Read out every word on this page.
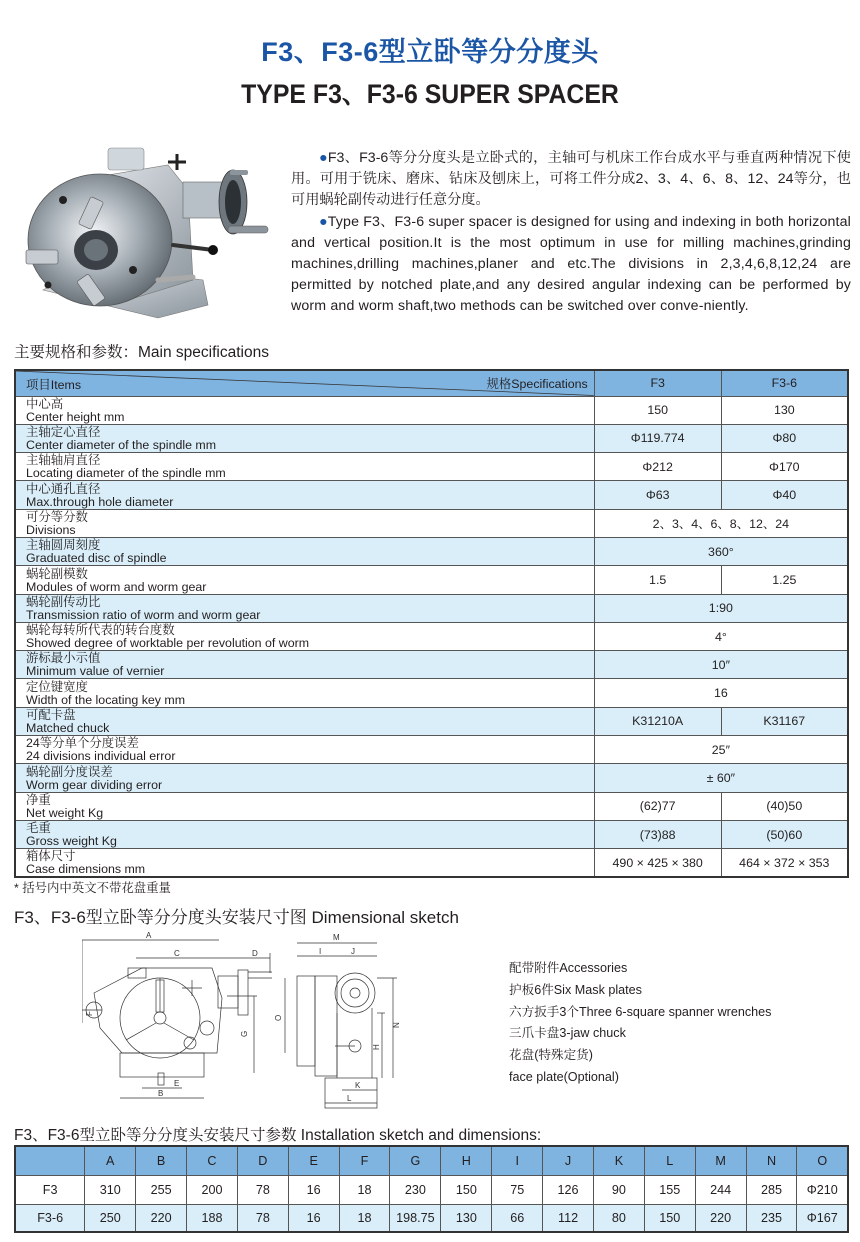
F3、F3-6型立卧等分分度头
TYPE F3、F3-6 SUPER SPACER

●F3、F3-6等分分度头是立卧式的，主轴可与机床工作台成水平与垂直两种情况下使用。可用于铣床、磨床、钻床及刨床上，可将工件分成2、3、4、6、8、12、24等分，也可用蜗轮副传动进行任意分度。

●Type F3、F3-6 super spacer is designed for using and indexing in both horizontal and vertical position.It is the most optimum in use for milling machines,grinding machines,drilling machines,planer and etc.The divisions in 2,3,4,6,8,12,24 are permitted by notched plate,and any desired angular indexing can be performed by worm and worm shaft,two methods can be switched over conve-niently.

主要规格和参数：Main specifications
项目Items 规格Specifications	F3	F3-6

中心高
Center height mm	150	130

主轴定心直径
Center diameter of the spindle mm	Φ119.774	Φ80

主轴轴肩直径
Locating diameter of the spindle mm	Φ212	Φ170

中心通孔直径
Max.through hole diameter	Φ63	Φ40

可分等分数
Divisions	2、3、4、6、8、12、24	

主轴圆周刻度
Graduated disc of spindle	360°	

蜗轮副模数
Modules of worm and worm gear	1.5	1.25

蜗轮副传动比
Transmission ratio of worm and worm gear	1:90	

蜗轮每转所代表的转台度数
Showed degree of worktable per revolution of worm	4°	

游标最小示值
Minimum value of vernier	10″	

定位键宽度
Width of the locating key mm	16	

可配卡盘
Matched chuck	K31210A	K31167

24等分单个分度误差
24 divisions individual error	25″	

蜗轮副分度误差
Worm gear dividing error	± 60″	

净重
Net weight Kg	(62)77	(40)50

毛重
Gross weight Kg	(73)88	(50)60

箱体尺寸
Case dimensions mm	490 × 425 × 380	464 × 372 × 353
* 括号内中英文不带花盘重量
F3、F3-6型立卧等分分度头安装尺寸图 Dimensional sketch
A
C	D
F
G
O
E
B
M
I	J
N
H
K
L
配带附件Accessories
护板6件Six Mask plates
六方扳手3个Three 6-square spanner wrenches
三爪卡盘3-jaw chuck
花盘(特殊定货)
face plate(Optional)
F3、F3-6型立卧等分分度头安装尺寸参数 Installation sketch and dimensions:
	A	B	C	D	E	F	G	H	I	J	K	L	M	N	O
F3	310	255	200	78	16	18	230	150	75	126	90	155	244	285	Φ210
F3-6	250	220	188	78	16	18	198.75	130	66	112	80	150	220	235	Φ167
